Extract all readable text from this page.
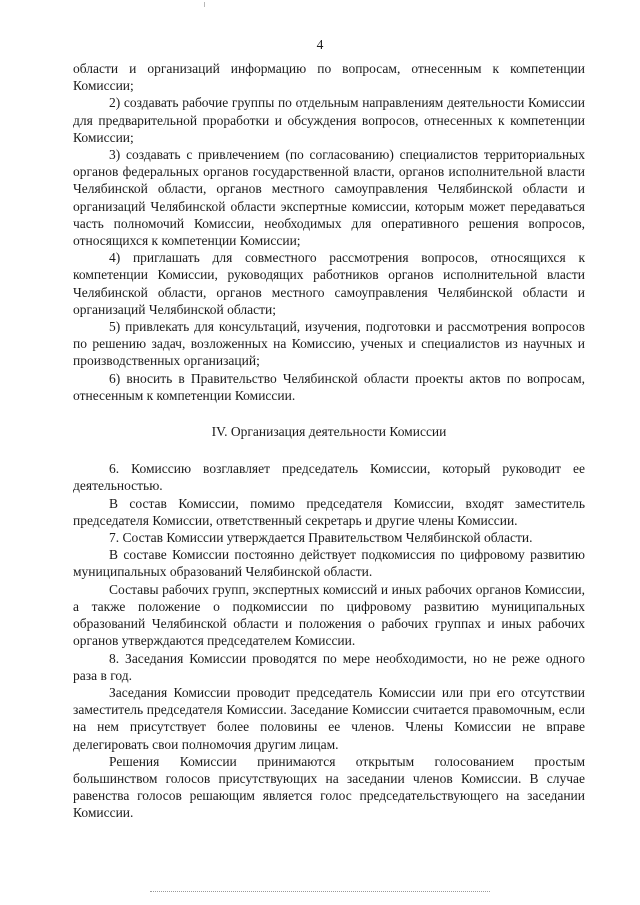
4

области и организаций информацию по вопросам, отнесенным к компетенции Комиссии;

2) создавать рабочие группы по отдельным направлениям деятельности Комиссии для предварительной проработки и обсуждения вопросов, отнесенных к компетенции Комиссии;

3) создавать с привлечением (по согласованию) специалистов территориальных органов федеральных органов государственной власти, органов исполнительной власти Челябинской области, органов местного самоуправления Челябинской области и организаций Челябинской области экспертные комиссии, которым может передаваться часть полномочий Комиссии, необходимых для оперативного решения вопросов, относящихся к компетенции Комиссии;

4) приглашать для совместного рассмотрения вопросов, относящихся к компетенции Комиссии, руководящих работников органов исполнительной власти Челябинской области, органов местного самоуправления Челябинской области и организаций Челябинской области;

5) привлекать для консультаций, изучения, подготовки и рассмотрения вопросов по решению задач, возложенных на Комиссию, ученых и специалистов из научных и производственных организаций;

6) вносить в Правительство Челябинской области проекты актов по вопросам, отнесенным к компетенции Комиссии.

IV. Организация деятельности Комиссии

6. Комиссию возглавляет председатель Комиссии, который руководит ее деятельностью.

В состав Комиссии, помимо председателя Комиссии, входят заместитель председателя Комиссии, ответственный секретарь и другие члены Комиссии.

7. Состав Комиссии утверждается Правительством Челябинской области.

В составе Комиссии постоянно действует подкомиссия по цифровому развитию муниципальных образований Челябинской области.

Составы рабочих групп, экспертных комиссий и иных рабочих органов Комиссии, а также положение о подкомиссии по цифровому развитию муниципальных образований Челябинской области и положения о рабочих группах и иных рабочих органов утверждаются председателем Комиссии.

8. Заседания Комиссии проводятся по мере необходимости, но не реже одного раза в год.

Заседания Комиссии проводит председатель Комиссии или при его отсутствии заместитель председателя Комиссии. Заседание Комиссии считается правомочным, если на нем присутствует более половины ее членов. Члены Комиссии не вправе делегировать свои полномочия другим лицам.

Решения Комиссии принимаются открытым голосованием простым большинством голосов присутствующих на заседании членов Комиссии. В случае равенства голосов решающим является голос председательствующего на заседании Комиссии.
